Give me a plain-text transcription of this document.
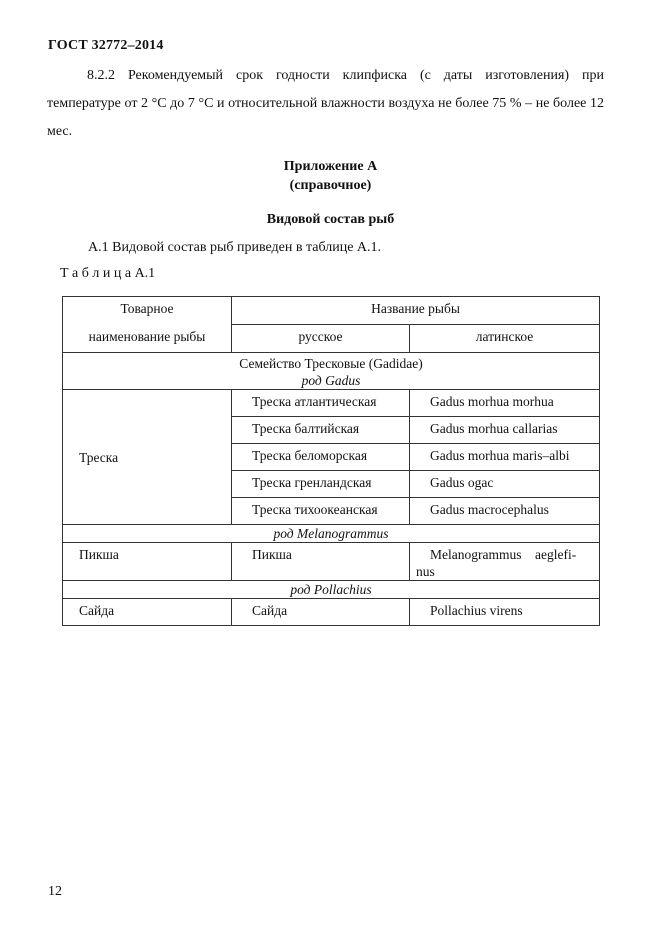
ГОСТ 32772–2014

8.2.2 Рекомендуемый срок годности клипфиска (с даты изготовления) при температуре от 2 °С до 7 °С и относительной влажности воздуха не более 75 % – не более 12 мес.

Приложение А
(справочное)
Видовой состав рыб
А.1 Видовой состав рыб приведен в таблице А.1.
Т а б л и ц а А.1
Товарное	Название рыбы	
наименование рыбы	русское	латинское

Семейство Тресковые (Gadidae)
род Gadus		

Треска	Треска атлантическая	Gadus morhua morhua
	Треска балтийская	Gadus morhua callarias
	Треска беломорская	Gadus morhua maris–albi
	Треска гренландская	Gadus ogac
	Треска тихоокеанская	Gadus macrocephalus
род Melanogrammus		
Пикша	Пикша	Melanogrammus    aeglefi-
nus

род Pollachius		
Сайда	Сайда	Pollachius virens
12
